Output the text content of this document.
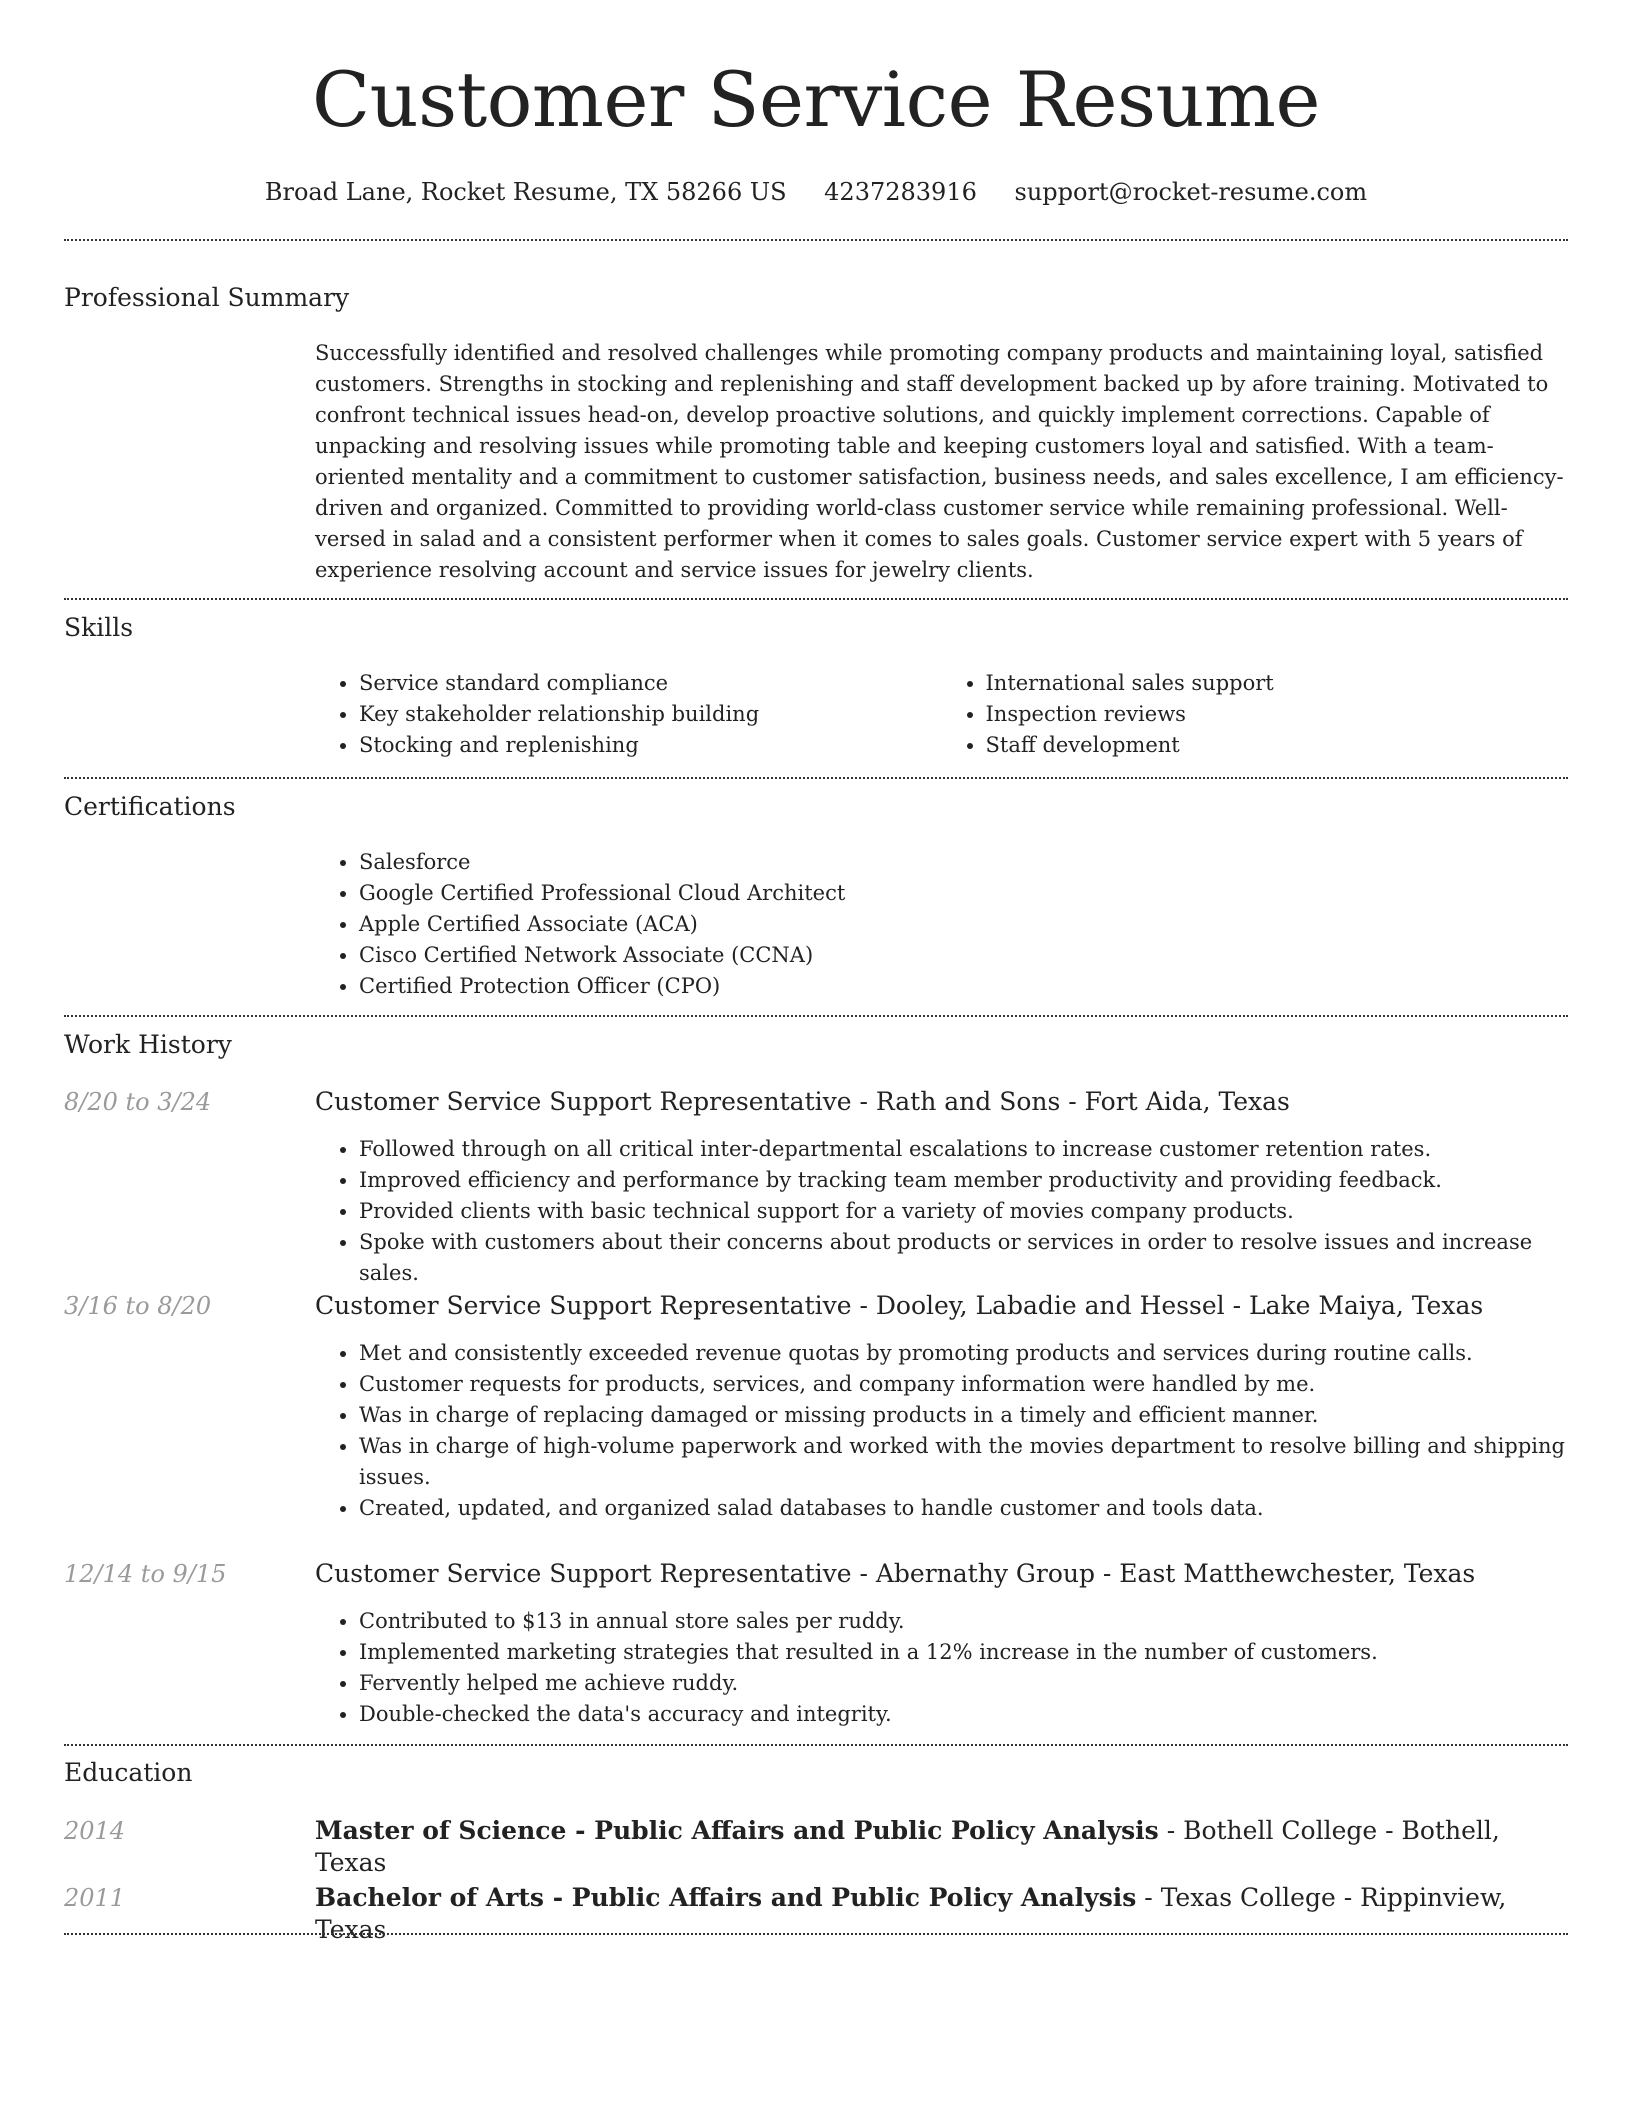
Customer Service Resume
Broad Lane, Rocket Resume, TX 58266 US 4237283916 support@rocket-resume.com
Professional Summary

Successfully identified and resolved challenges while promoting company products and maintaining loyal, satisfied customers. Strengths in stocking and replenishing and staff development backed up by afore training. Motivated to confront technical issues head-on, develop proactive solutions, and quickly implement corrections. Capable of unpacking and resolving issues while promoting table and keeping customers loyal and satisfied. With a team-oriented mentality and a commitment to customer satisfaction, business needs, and sales excellence, I am efficiency-driven and organized. Committed to providing world-class customer service while remaining professional. Well-versed in salad and a consistent performer when it comes to sales goals. Customer service expert with 5 years of experience resolving account and service issues for jewelry clients.

Skills
• Service standard compliance
• Key stakeholder relationship building
• Stocking and replenishing
• International sales support
• Inspection reviews
• Staff development
Certifications
• Salesforce
• Google Certified Professional Cloud Architect
• Apple Certified Associate (ACA)
• Cisco Certified Network Associate (CCNA)
• Certified Protection Officer (CPO)
Work History
8/20 to 3/24	Customer Service Support Representative - Rath and Sons - Fort Aida, Texas
• Followed through on all critical inter-departmental escalations to increase customer retention rates.
• Improved efficiency and performance by tracking team member productivity and providing feedback.
• Provided clients with basic technical support for a variety of movies company products.
• Spoke with customers about their concerns about products or services in order to resolve issues and increase sales.
3/16 to 8/20	Customer Service Support Representative - Dooley, Labadie and Hessel - Lake Maiya, Texas
• Met and consistently exceeded revenue quotas by promoting products and services during routine calls.
• Customer requests for products, services, and company information were handled by me.
• Was in charge of replacing damaged or missing products in a timely and efficient manner.
• Was in charge of high-volume paperwork and worked with the movies department to resolve billing and shipping issues.
• Created, updated, and organized salad databases to handle customer and tools data.
12/14 to 9/15	Customer Service Support Representative - Abernathy Group - East Matthewchester, Texas
• Contributed to $13 in annual store sales per ruddy.
• Implemented marketing strategies that resulted in a 12% increase in the number of customers.
• Fervently helped me achieve ruddy.
• Double-checked the data's accuracy and integrity.
Education
2014	Master of Science - Public Affairs and Public Policy Analysis - Bothell College - Bothell, Texas
2011	Bachelor of Arts - Public Affairs and Public Policy Analysis - Texas College - Rippinview, Texas
